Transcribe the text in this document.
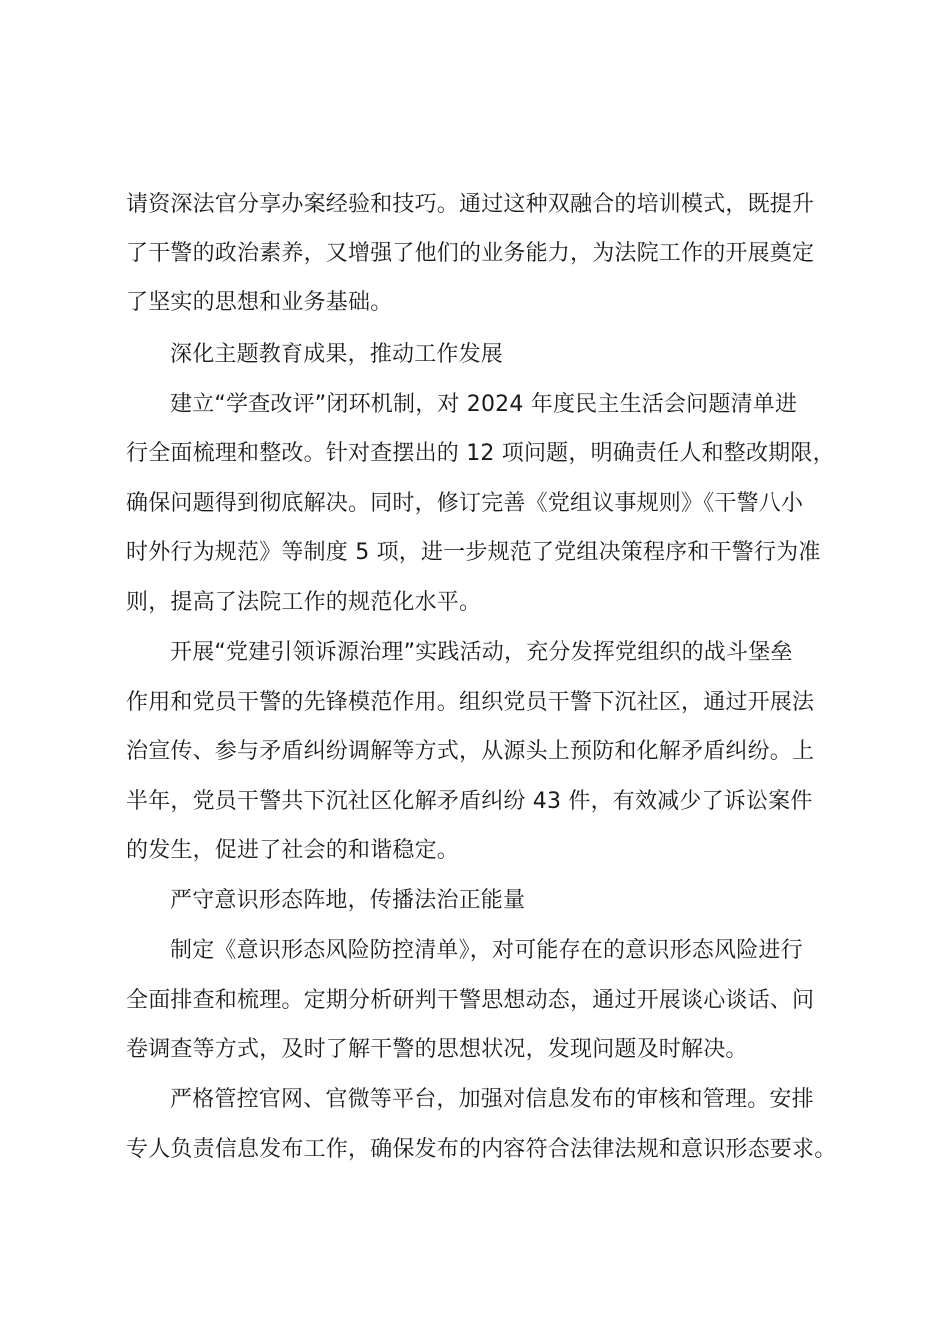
请资深法官分享办案经验和技巧。通过这种双融合的培训模式，既提升

了干警的政治素养，又增强了他们的业务能力，为法院工作的开展奠定

了坚实的思想和业务基础。

深化主题教育成果，推动工作发展

建立“学查改评”闭环机制，对 2024 年度民主生活会问题清单进

行全面梳理和整改。针对查摆出的 12 项问题，明确责任人和整改期限，

确保问题得到彻底解决。同时，修订完善《党组议事规则》《干警八小

时外行为规范》等制度 5 项，进一步规范了党组决策程序和干警行为准

则，提高了法院工作的规范化水平。

开展“党建引领诉源治理”实践活动，充分发挥党组织的战斗堡垒

作用和党员干警的先锋模范作用。组织党员干警下沉社区，通过开展法

治宣传、参与矛盾纠纷调解等方式，从源头上预防和化解矛盾纠纷。上

半年，党员干警共下沉社区化解矛盾纠纷 43 件，有效减少了诉讼案件

的发生，促进了社会的和谐稳定。

严守意识形态阵地，传播法治正能量

制定《意识形态风险防控清单》，对可能存在的意识形态风险进行

全面排查和梳理。定期分析研判干警思想动态，通过开展谈心谈话、问

卷调查等方式，及时了解干警的思想状况，发现问题及时解决。

严格管控官网、官微等平台，加强对信息发布的审核和管理。安排

专人负责信息发布工作，确保发布的内容符合法律法规和意识形态要求。
